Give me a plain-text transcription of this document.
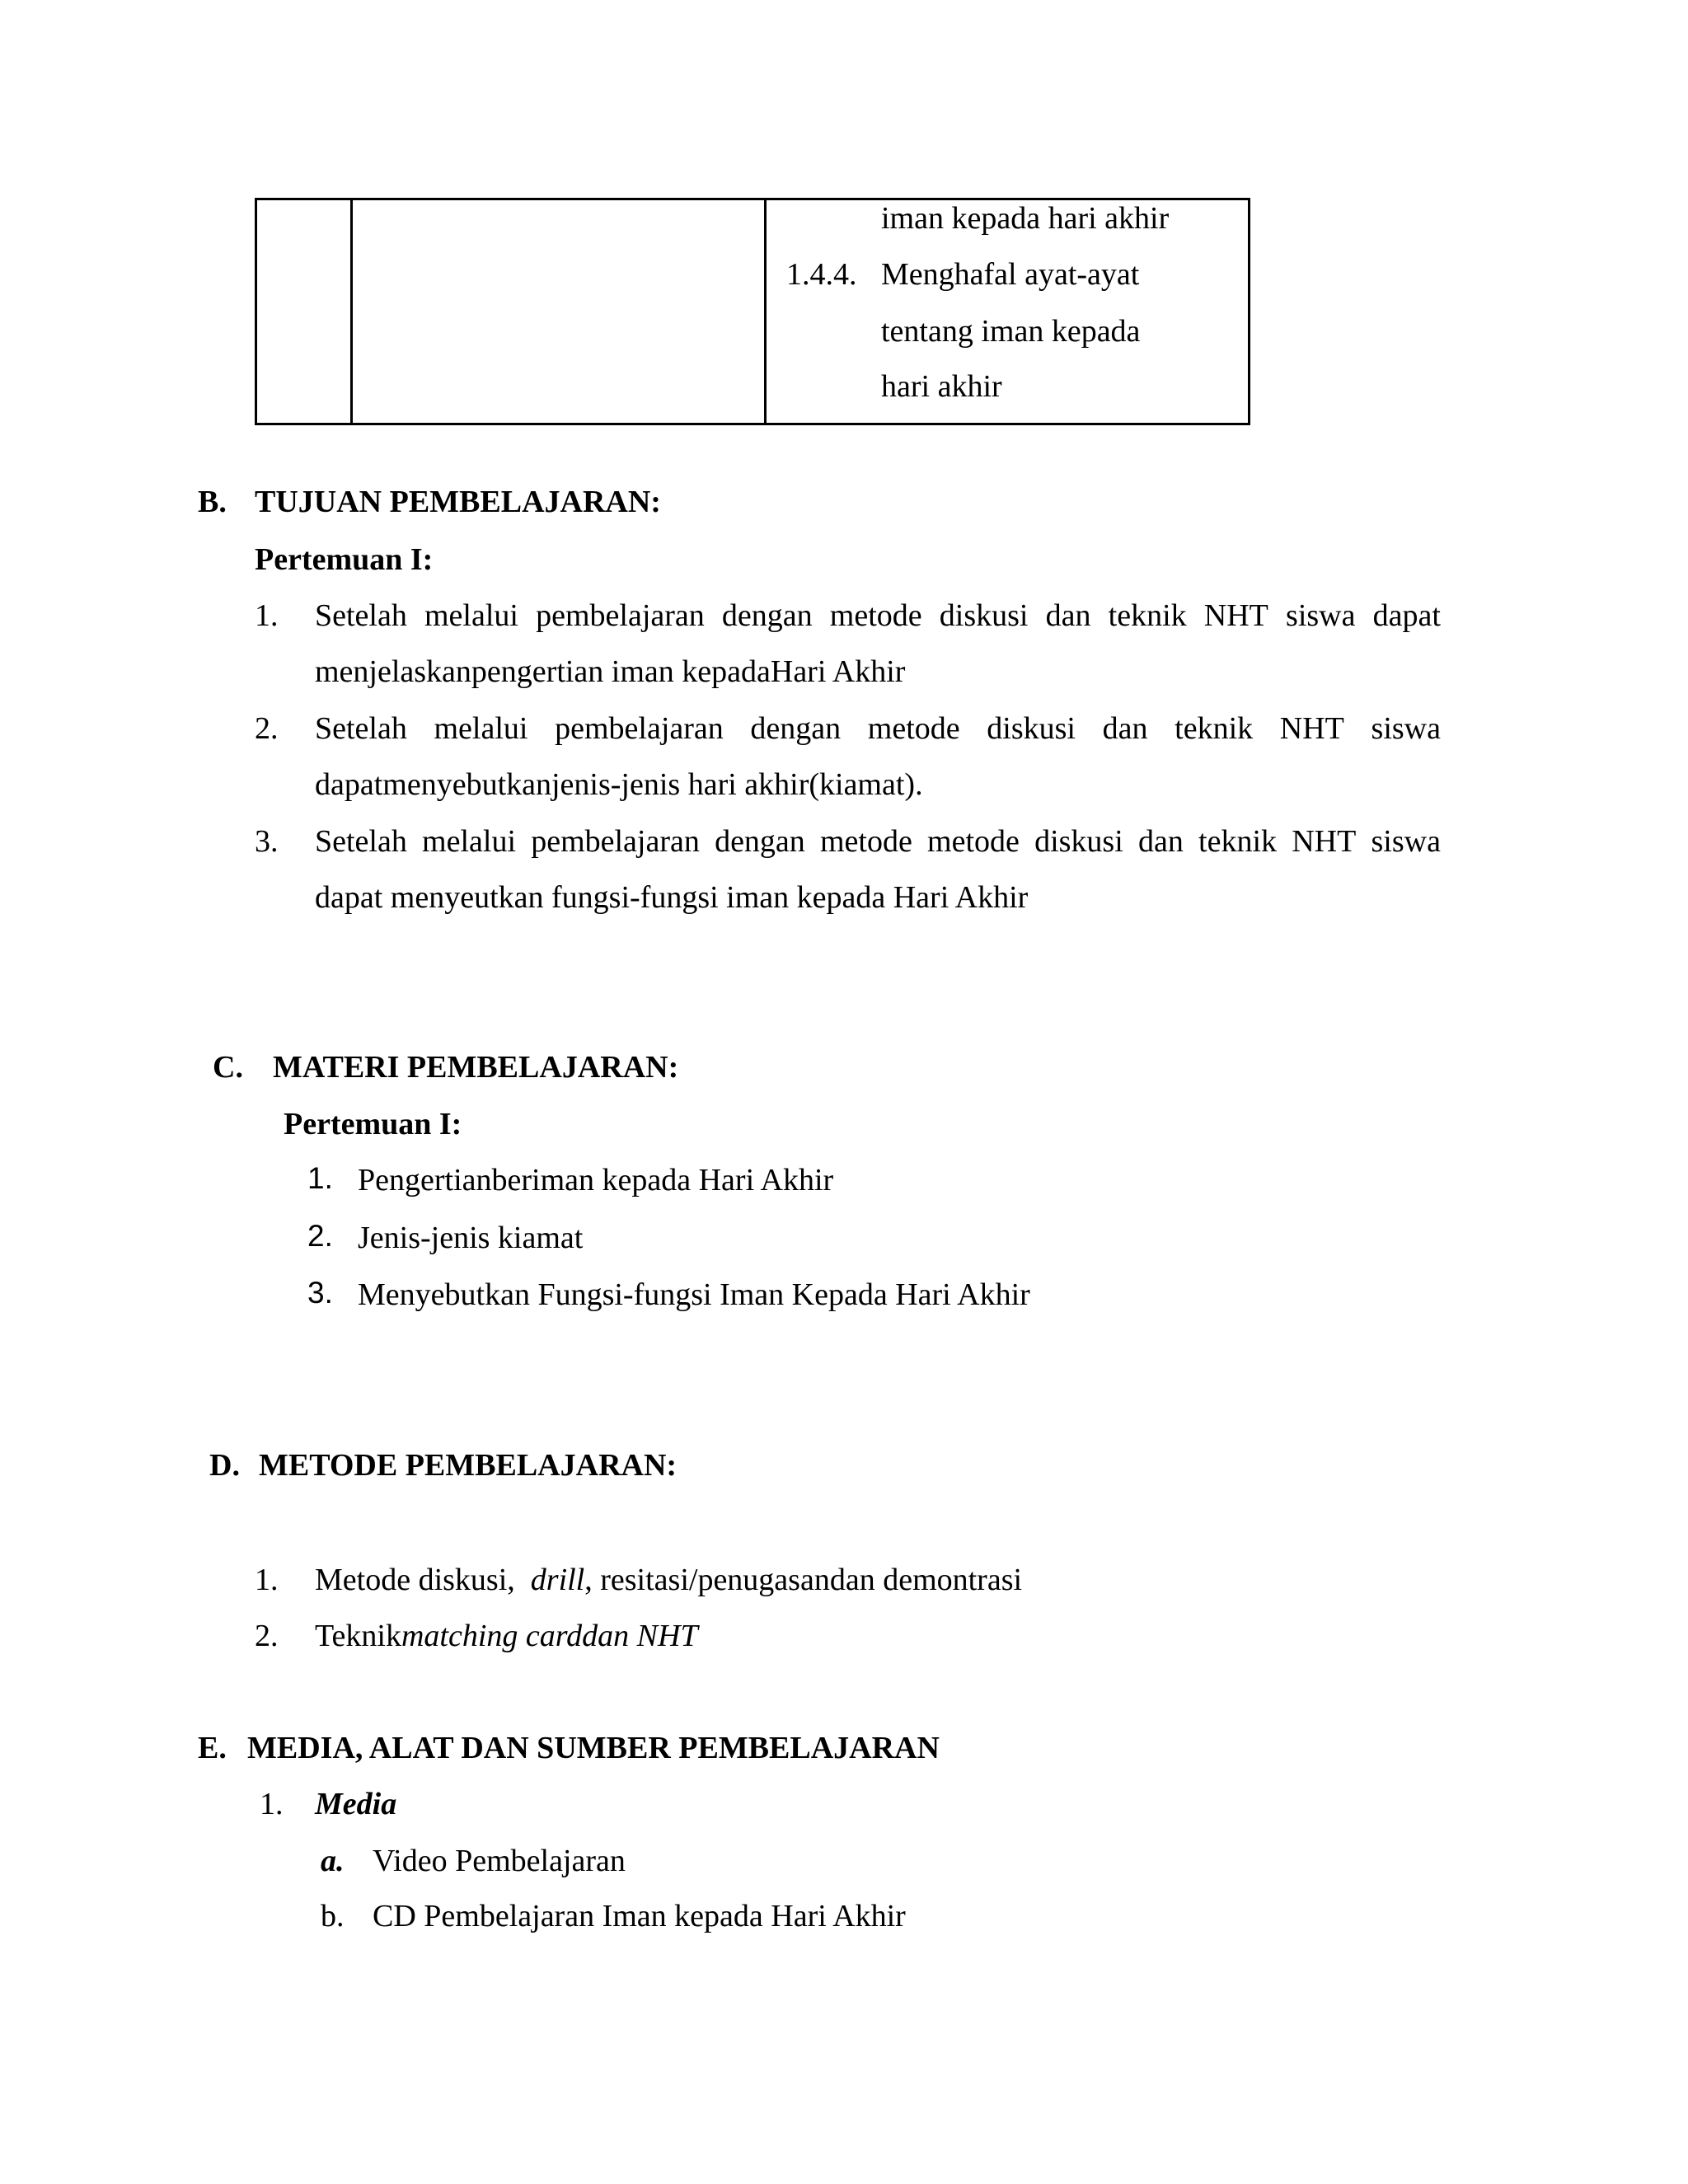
iman kepada hari akhir
1.4.4. Menghafal ayat-ayat
tentang iman kepada
hari akhir
B. TUJUAN PEMBELAJARAN:
Pertemuan I:
1. Setelah melalui pembelajaran dengan metode diskusi dan teknik NHT siswa dapat
menjelaskanpengertian iman kepadaHari Akhir
2. Setelah melalui pembelajaran dengan metode diskusi dan teknik NHT siswa
dapatmenyebutkanjenis-jenis hari akhir(kiamat).
3. Setelah melalui pembelajaran dengan metode metode diskusi dan teknik NHT siswa
dapat menyeutkan fungsi-fungsi iman kepada Hari Akhir
C. MATERI PEMBELAJARAN:
Pertemuan I:
1. Pengertianberiman kepada Hari Akhir
2. Jenis-jenis kiamat
3. Menyebutkan Fungsi-fungsi Iman Kepada Hari Akhir
D. METODE PEMBELAJARAN:
1. Metode diskusi,  drill, resitasi/penugasandan demontrasi
2. Teknikmatching carddan NHT
E. MEDIA, ALAT DAN SUMBER PEMBELAJARAN
1. Media
a. Video Pembelajaran
b. CD Pembelajaran Iman kepada Hari Akhir
